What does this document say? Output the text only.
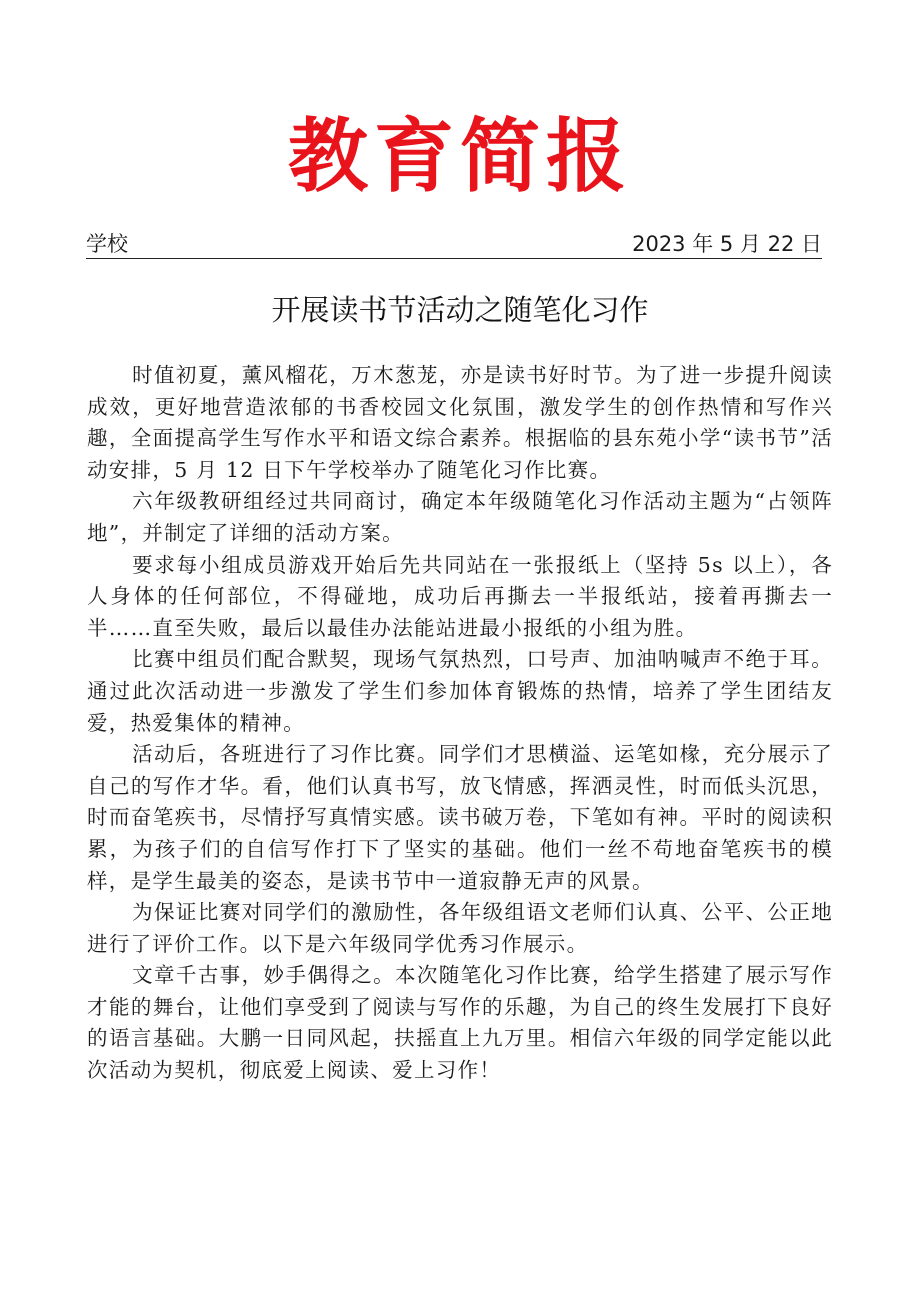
教育简报
学校	2023 年 5 月 22 日
开展读书节活动之随笔化习作

时值初夏，薰风榴花，万木葱茏，亦是读书好时节。为了进一步提升阅读成效，更好地营造浓郁的书香校园文化氛围，激发学生的创作热情和写作兴趣，全面提高学生写作水平和语文综合素养。根据临的县东苑小学“读书节”活动安排，5 月 12 日下午学校举办了随笔化习作比赛。

六年级教研组经过共同商讨，确定本年级随笔化习作活动主题为“占领阵地”，并制定了详细的活动方案。

要求每小组成员游戏开始后先共同站在一张报纸上（坚持 5s 以上），各人身体的任何部位，不得碰地，成功后再撕去一半报纸站，接着再撕去一半……直至失败，最后以最佳办法能站进最小报纸的小组为胜。

比赛中组员们配合默契，现场气氛热烈，口号声、加油呐喊声不绝于耳。通过此次活动进一步激发了学生们参加体育锻炼的热情，培养了学生团结友爱，热爱集体的精神。

活动后，各班进行了习作比赛。同学们才思横溢、运笔如椽，充分展示了自己的写作才华。看，他们认真书写，放飞情感，挥洒灵性，时而低头沉思，时而奋笔疾书，尽情抒写真情实感。读书破万卷，下笔如有神。平时的阅读积累，为孩子们的自信写作打下了坚实的基础。他们一丝不苟地奋笔疾书的模样，是学生最美的姿态，是读书节中一道寂静无声的风景。

为保证比赛对同学们的激励性，各年级组语文老师们认真、公平、公正地进行了评价工作。以下是六年级同学优秀习作展示。

文章千古事，妙手偶得之。本次随笔化习作比赛，给学生搭建了展示写作才能的舞台，让他们享受到了阅读与写作的乐趣，为自己的终生发展打下良好的语言基础。大鹏一日同风起，扶摇直上九万里。相信六年级的同学定能以此次活动为契机，彻底爱上阅读、爱上习作！
